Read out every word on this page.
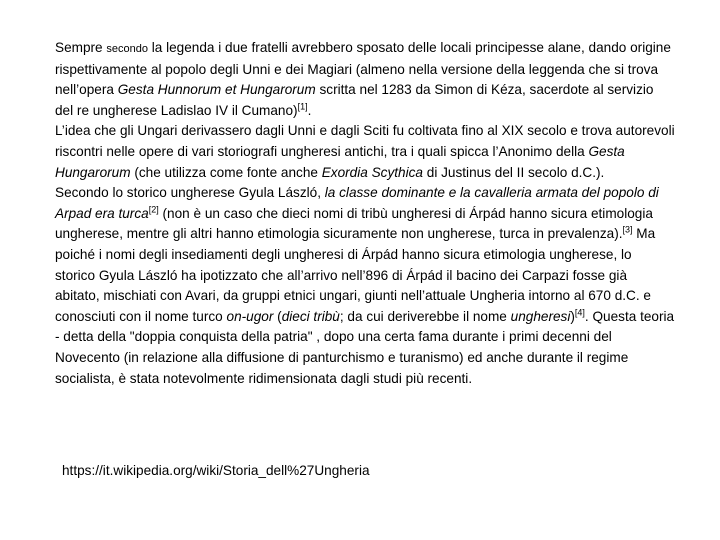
Sempre secondo la legenda i due fratelli avrebbero sposato delle locali principesse alane, dando origine rispettivamente al popolo degli Unni e dei Magiari (almeno nella versione della leggenda che si trova nell’opera Gesta Hunnorum et Hungarorum scritta nel 1283 da Simon di Kéza, sacerdote al servizio del re ungherese Ladislao IV il Cumano)[1].

L’idea che gli Ungari derivassero dagli Unni e dagli Sciti fu coltivata fino al XIX secolo e trova autorevoli riscontri nelle opere di vari storiografi ungheresi antichi, tra i quali spicca l’Anonimo della Gesta Hungarorum (che utilizza come fonte anche Exordia Scythica di Justinus del II secolo d.C.).

Secondo lo storico ungherese Gyula László, la classe dominante e la cavalleria armata del popolo di Arpad era turca[2] (non è un caso che dieci nomi di tribù ungheresi di Árpád hanno sicura etimologia ungherese, mentre gli altri hanno etimologia sicuramente non ungherese, turca in prevalenza).[3] Ma poiché i nomi degli insediamenti degli ungheresi di Árpád hanno sicura etimologia ungherese, lo storico Gyula László ha ipotizzato che all’arrivo nell’896 di Árpád il bacino dei Carpazi fosse già abitato, mischiati con Avari, da gruppi etnici ungari, giunti nell’attuale Ungheria intorno al 670 d.C. e conosciuti con il nome turco on-ugor (dieci tribù; da cui deriverebbe il nome ungheresi)[4]. Questa teoria - detta della "doppia conquista della patria" , dopo una certa fama durante i primi decenni del Novecento (in relazione alla diffusione di panturchismo e turanismo) ed anche durante il regime socialista, è stata notevolmente ridimensionata dagli studi più recenti.

https://it.wikipedia.org/wiki/Storia_dell%27Ungheria
